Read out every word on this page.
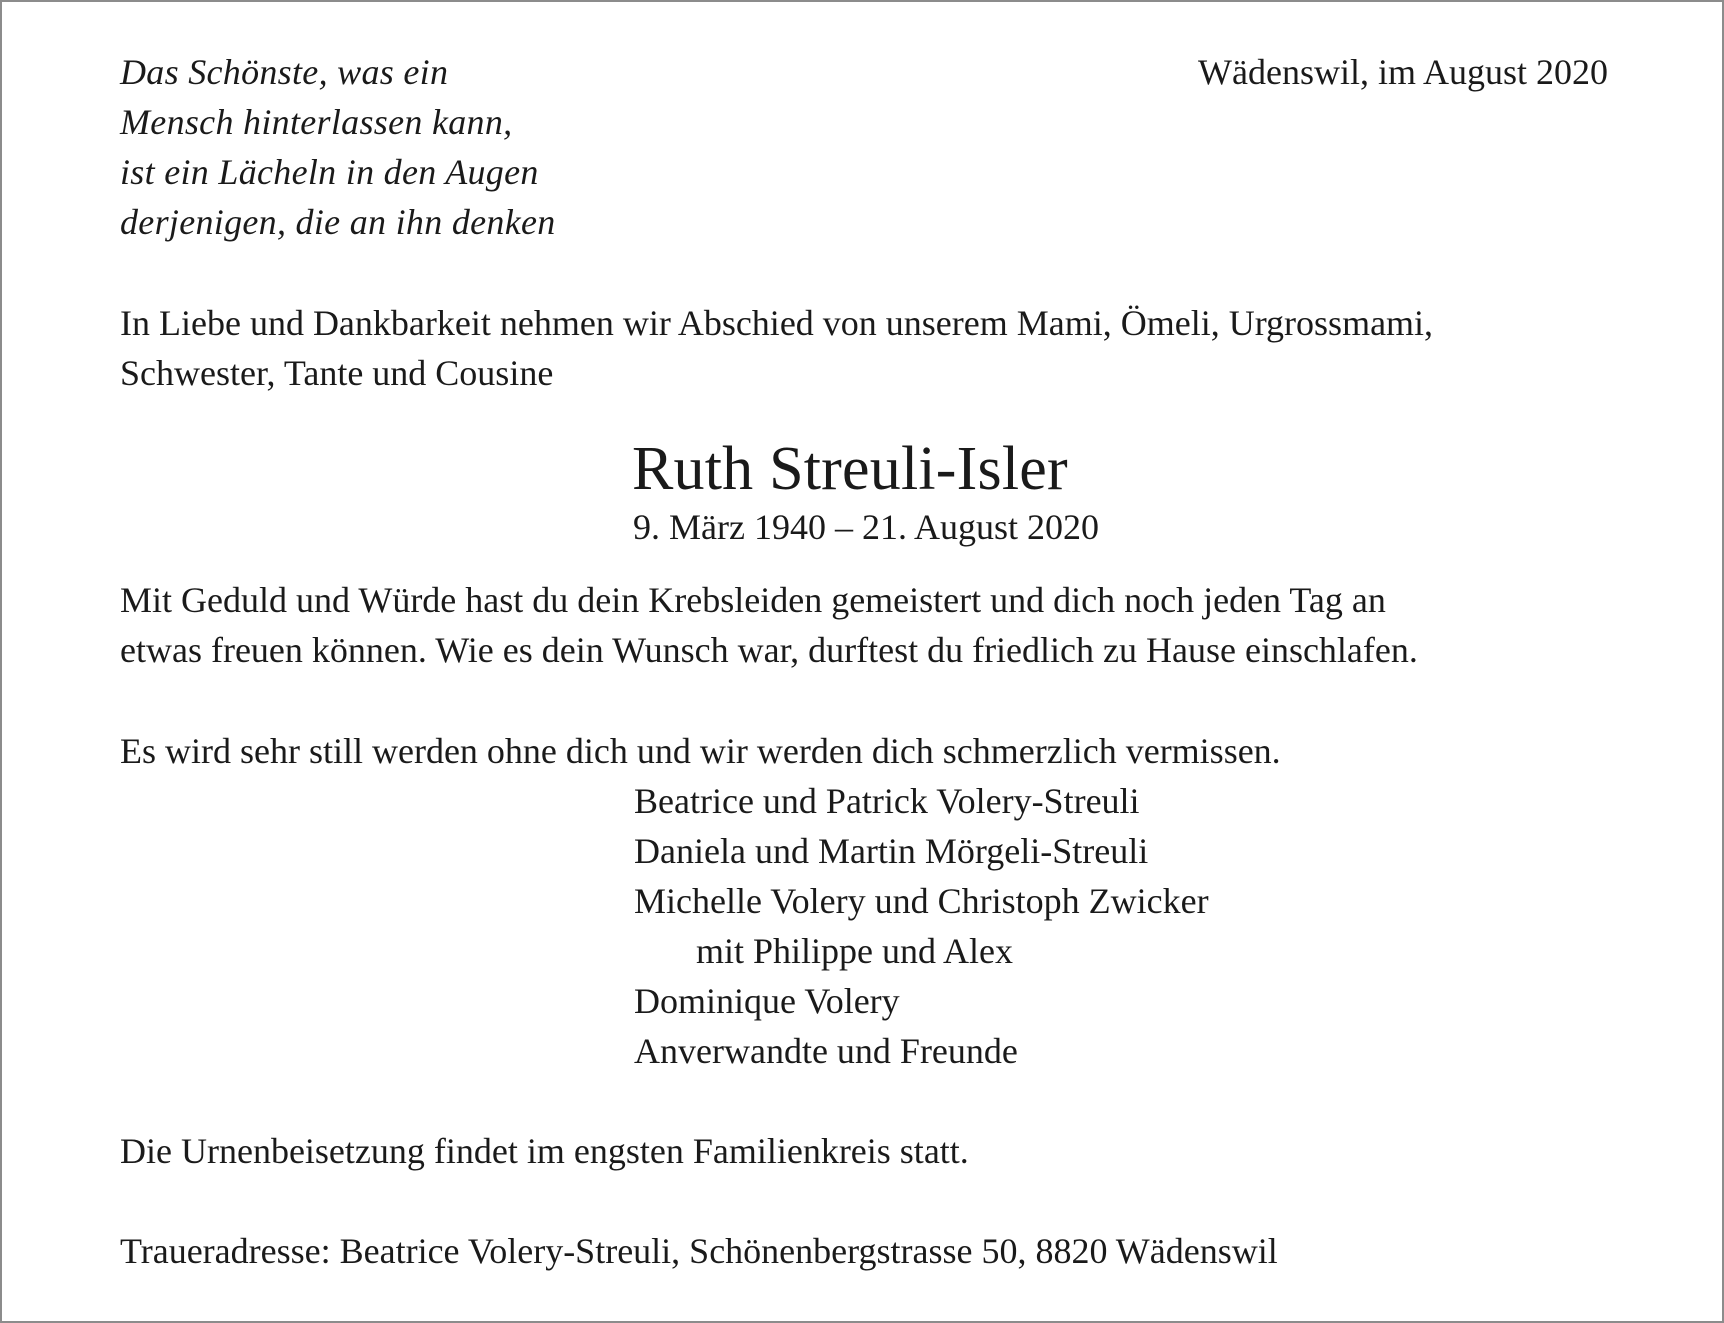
Das Schönste, was ein
Mensch hinterlassen kann,
ist ein Lächeln in den Augen
derjenigen, die an ihn denken
Wädenswil, im August 2020
In Liebe und Dankbarkeit nehmen wir Abschied von unserem Mami, Ömeli, Urgrossmami,
Schwester, Tante und Cousine
Ruth Streuli-Isler
9. März 1940 – 21. August 2020
Mit Geduld und Würde hast du dein Krebsleiden gemeistert und dich noch jeden Tag an
etwas freuen können. Wie es dein Wunsch war, durftest du friedlich zu Hause einschlafen.
Es wird sehr still werden ohne dich und wir werden dich schmerzlich vermissen.
Beatrice und Patrick Volery-Streuli
Daniela und Martin Mörgeli-Streuli
Michelle Volery und Christoph Zwicker
mit Philippe und Alex
Dominique Volery
Anverwandte und Freunde
Die Urnenbeisetzung findet im engsten Familienkreis statt.
Traueradresse: Beatrice Volery-Streuli, Schönenbergstrasse 50, 8820 Wädenswil
